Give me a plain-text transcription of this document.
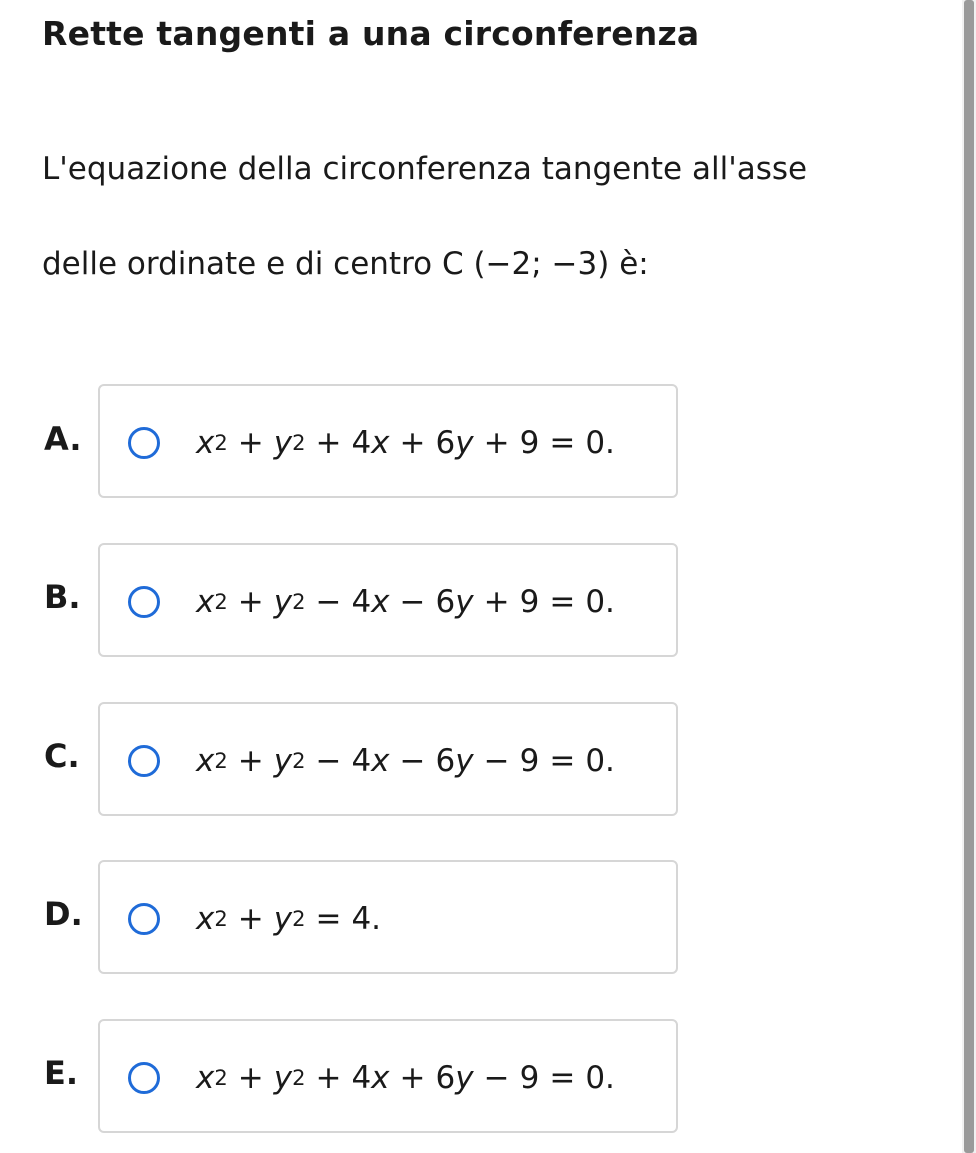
Rette tangenti a una circonferenza
L'equazione della circonferenza tangente all'asse
delle ordinate e di centro C (−2; −3) è:
A.	x 2 + y 2 + 4 x + 6 y + 9 = 0.
B.	x 2 + y 2 − 4 x − 6 y + 9 = 0.
C.	x 2 + y 2 − 4 x − 6 y − 9 = 0.
D.	x 2 + y 2 = 4.
E.	x 2 + y 2 + 4 x + 6 y − 9 = 0.
